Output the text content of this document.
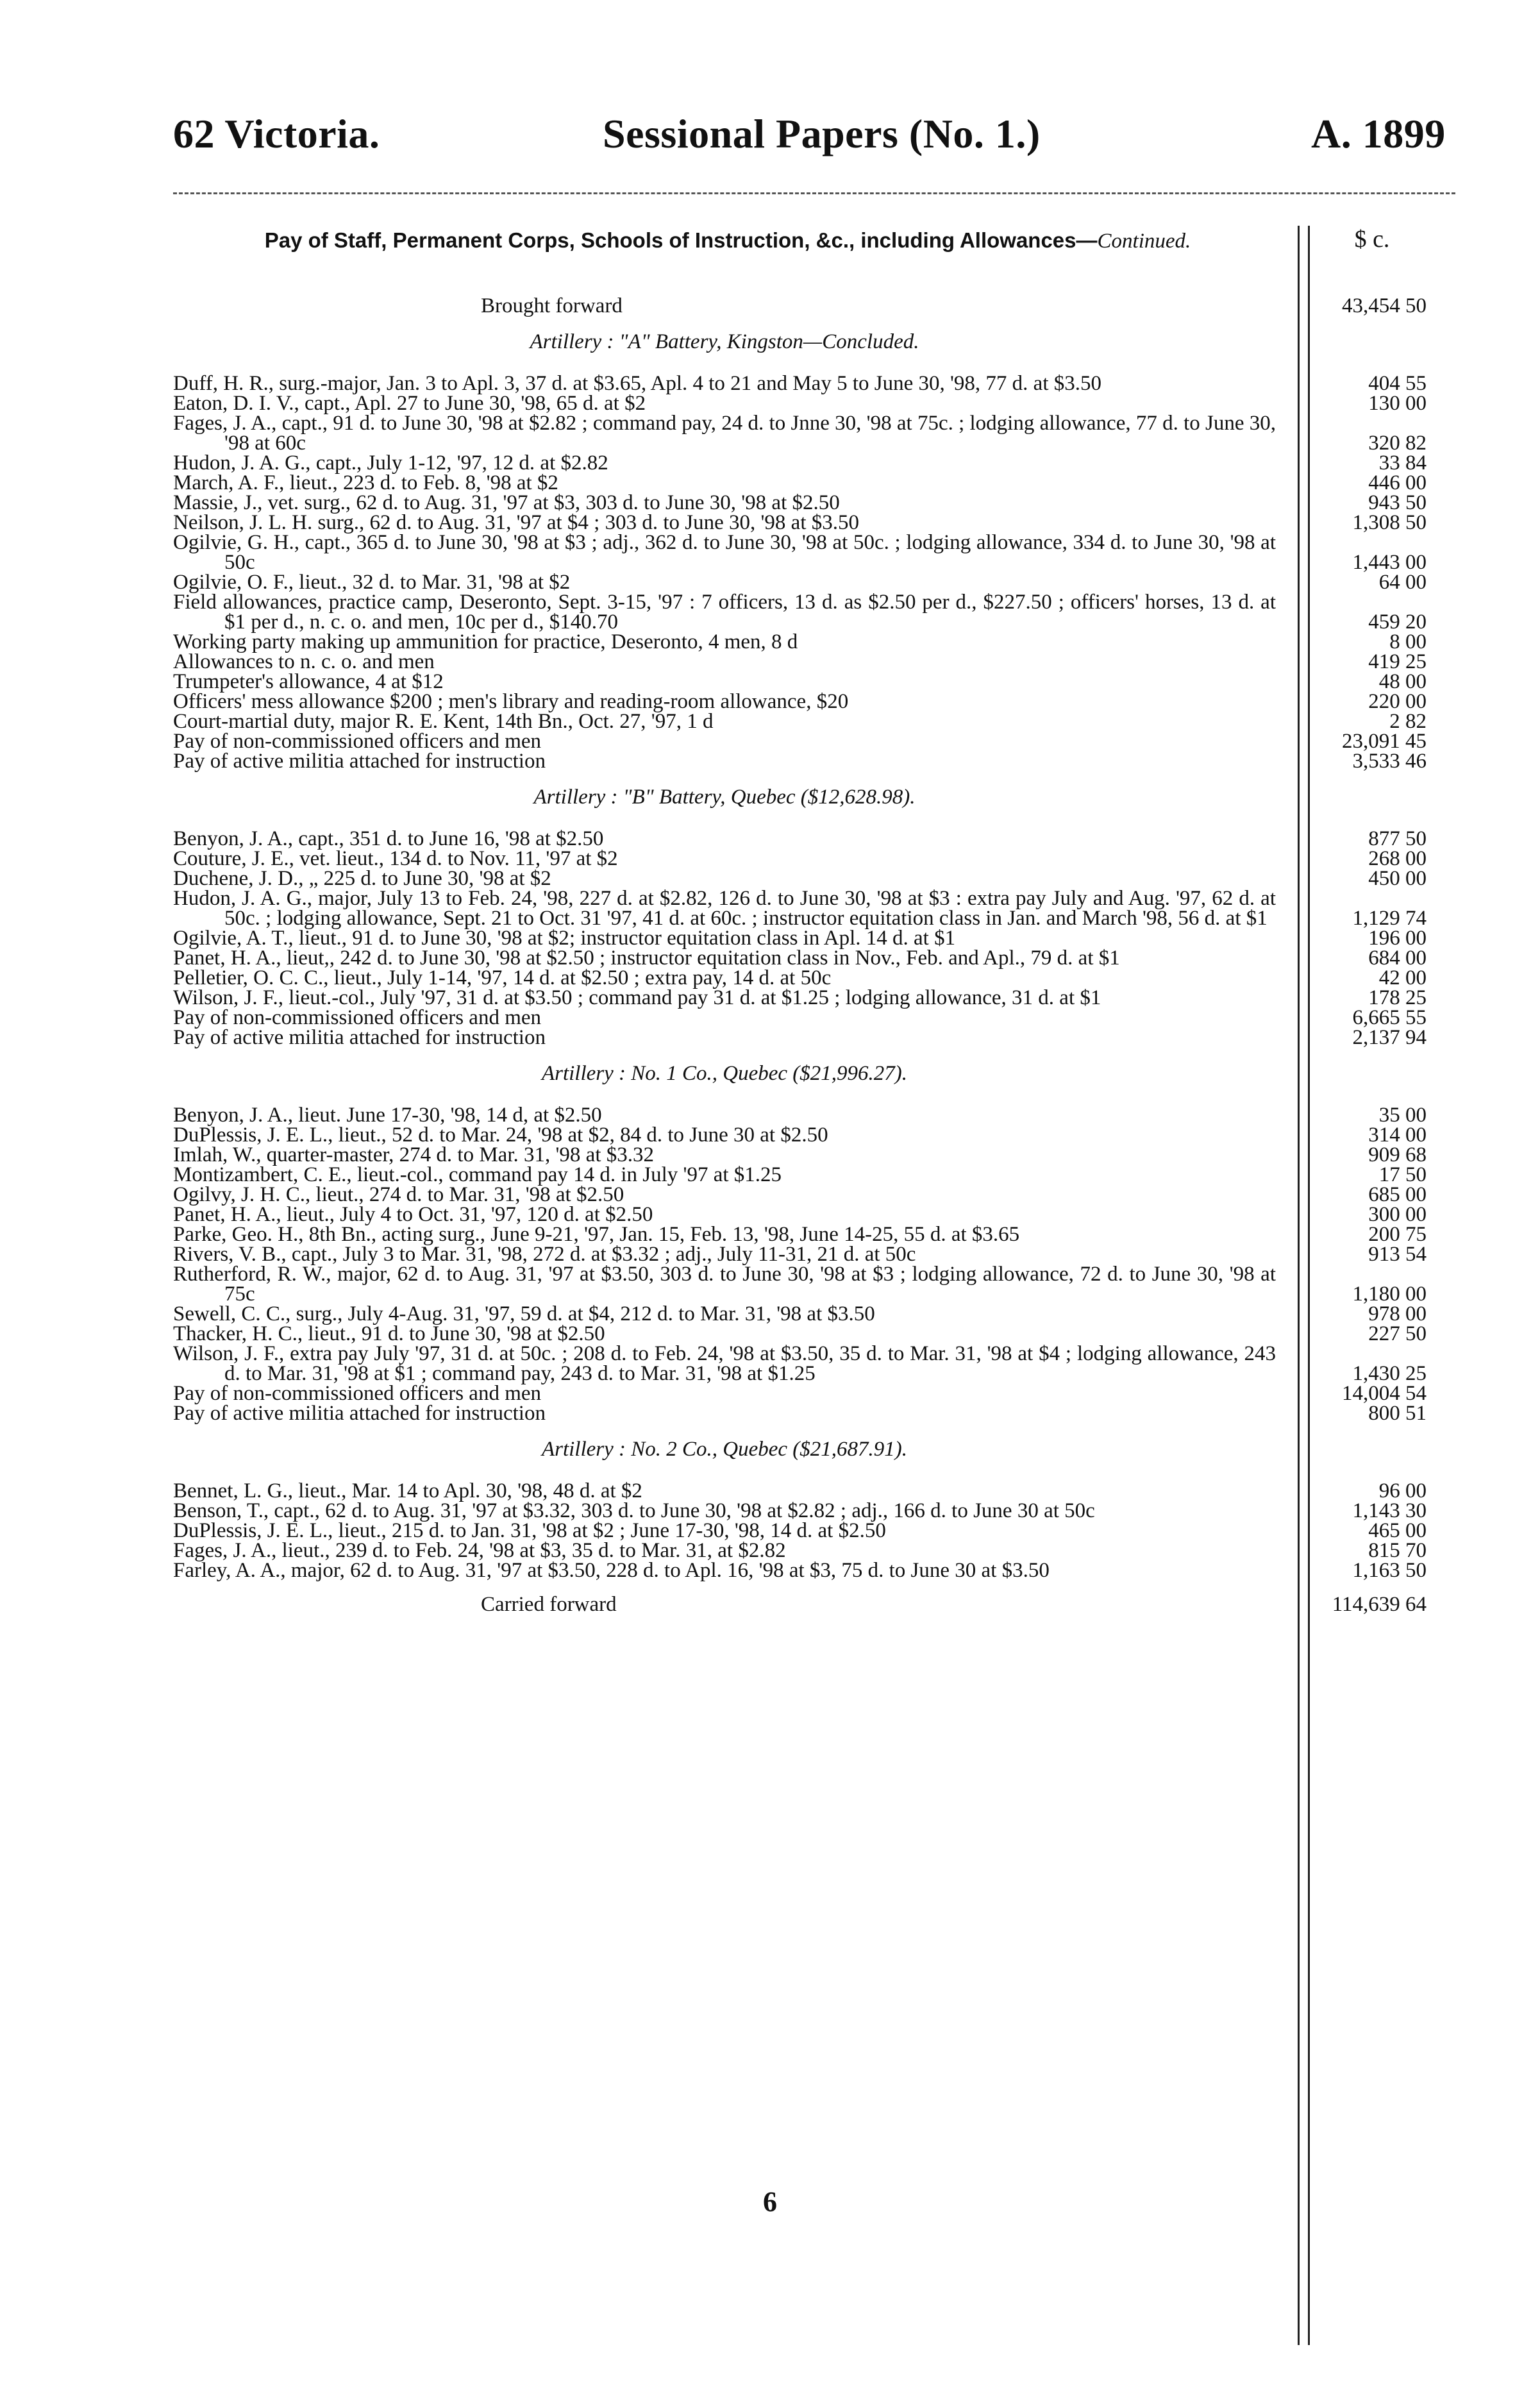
62 Victoria.	Sessional Papers (No. 1.)	A. 1899
Pay of Staff, Permanent Corps, Schools of Instruction, &c., including Allowances—Continued.	$ c.
Brought forward	43,454 50
Artillery : "A" Battery, Kingston—Concluded.
Duff, H. R., surg.-major, Jan. 3 to Apl. 3, 37 d. at $3.65, Apl. 4 to 21 and May 5 to June 30, '98, 77 d. at $3.50	404 55
Eaton, D. I. V., capt., Apl. 27 to June 30, '98, 65 d. at $2	130 00
Fages, J. A., capt., 91 d. to June 30, '98 at $2.82 ; command pay, 24 d. to Jnne 30, '98 at 75c. ; lodging allowance, 77 d. to June 30, '98 at 60c	320 82
Hudon, J. A. G., capt., July 1-12, '97, 12 d. at $2.82	33 84
March, A. F., lieut., 223 d. to Feb. 8, '98 at $2	446 00
Massie, J., vet. surg., 62 d. to Aug. 31, '97 at $3, 303 d. to June 30, '98 at $2.50	943 50
Neilson, J. L. H. surg., 62 d. to Aug. 31, '97 at $4 ; 303 d. to June 30, '98 at $3.50	1,308 50
Ogilvie, G. H., capt., 365 d. to June 30, '98 at $3 ; adj., 362 d. to June 30, '98 at 50c. ; lodging allowance, 334 d. to June 30, '98 at 50c	1,443 00
Ogilvie, O. F., lieut., 32 d. to Mar. 31, '98 at $2	64 00
Field allowances, practice camp, Deseronto, Sept. 3-15, '97 : 7 officers, 13 d. as $2.50 per d., $227.50 ; officers' horses, 13 d. at $1 per d., n. c. o. and men, 10c per d., $140.70	459 20
Working party making up ammunition for practice, Deseronto, 4 men, 8 d	8 00
Allowances to n. c. o. and men	419 25
Trumpeter's allowance, 4 at $12	48 00
Officers' mess allowance $200 ; men's library and reading-room allowance, $20	220 00
Court-martial duty, major R. E. Kent, 14th Bn., Oct. 27, '97, 1 d	2 82
Pay of non-commissioned officers and men	23,091 45
Pay of active militia attached for instruction	3,533 46
Artillery : "B" Battery, Quebec ($12,628.98).
Benyon, J. A., capt., 351 d. to June 16, '98 at $2.50	877 50
Couture, J. E., vet. lieut., 134 d. to Nov. 11, '97 at $2	268 00
Duchene, J. D., „ 225 d. to June 30, '98 at $2	450 00
Hudon, J. A. G., major, July 13 to Feb. 24, '98, 227 d. at $2.82, 126 d. to June 30, '98 at $3 : extra pay July and Aug. '97, 62 d. at 50c. ; lodging allowance, Sept. 21 to Oct. 31 '97, 41 d. at 60c. ; instructor equitation class in Jan. and March '98, 56 d. at $1	1,129 74
Ogilvie, A. T., lieut., 91 d. to June 30, '98 at $2; instructor equitation class in Apl. 14 d. at $1	196 00
Panet, H. A., lieut,, 242 d. to June 30, '98 at $2.50 ; instructor equitation class in Nov., Feb. and Apl., 79 d. at $1	684 00
Pelletier, O. C. C., lieut., July 1-14, '97, 14 d. at $2.50 ; extra pay, 14 d. at 50c	42 00
Wilson, J. F., lieut.-col., July '97, 31 d. at $3.50 ; command pay 31 d. at $1.25 ; lodging allowance, 31 d. at $1	178 25
Pay of non-commissioned officers and men	6,665 55
Pay of active militia attached for instruction	2,137 94
Artillery : No. 1 Co., Quebec ($21,996.27).
Benyon, J. A., lieut. June 17-30, '98, 14 d, at $2.50	35 00
DuPlessis, J. E. L., lieut., 52 d. to Mar. 24, '98 at $2, 84 d. to June 30 at $2.50	314 00
Imlah, W., quarter-master, 274 d. to Mar. 31, '98 at $3.32	909 68
Montizambert, C. E., lieut.-col., command pay 14 d. in July '97 at $1.25	17 50
Ogilvy, J. H. C., lieut., 274 d. to Mar. 31, '98 at $2.50	685 00
Panet, H. A., lieut., July 4 to Oct. 31, '97, 120 d. at $2.50	300 00
Parke, Geo. H., 8th Bn., acting surg., June 9-21, '97, Jan. 15, Feb. 13, '98, June 14-25, 55 d. at $3.65	200 75
Rivers, V. B., capt., July 3 to Mar. 31, '98, 272 d. at $3.32 ; adj., July 11-31, 21 d. at 50c	913 54
Rutherford, R. W., major, 62 d. to Aug. 31, '97 at $3.50, 303 d. to June 30, '98 at $3 ; lodging allowance, 72 d. to June 30, '98 at 75c	1,180 00
Sewell, C. C., surg., July 4-Aug. 31, '97, 59 d. at $4, 212 d. to Mar. 31, '98 at $3.50	978 00
Thacker, H. C., lieut., 91 d. to June 30, '98 at $2.50	227 50
Wilson, J. F., extra pay July '97, 31 d. at 50c. ; 208 d. to Feb. 24, '98 at $3.50, 35 d. to Mar. 31, '98 at $4 ; lodging allowance, 243 d. to Mar. 31, '98 at $1 ; command pay, 243 d. to Mar. 31, '98 at $1.25	1,430 25
Pay of non-commissioned officers and men	14,004 54
Pay of active militia attached for instruction	800 51
Artillery : No. 2 Co., Quebec ($21,687.91).
Bennet, L. G., lieut., Mar. 14 to Apl. 30, '98, 48 d. at $2	96 00
Benson, T., capt., 62 d. to Aug. 31, '97 at $3.32, 303 d. to June 30, '98 at $2.82 ; adj., 166 d. to June 30 at 50c	1,143 30
DuPlessis, J. E. L., lieut., 215 d. to Jan. 31, '98 at $2 ; June 17-30, '98, 14 d. at $2.50	465 00
Fages, J. A., lieut., 239 d. to Feb. 24, '98 at $3, 35 d. to Mar. 31, at $2.82	815 70
Farley, A. A., major, 62 d. to Aug. 31, '97 at $3.50, 228 d. to Apl. 16, '98 at $3, 75 d. to June 30 at $3.50	1,163 50
Carried forward	114,639 64
6
